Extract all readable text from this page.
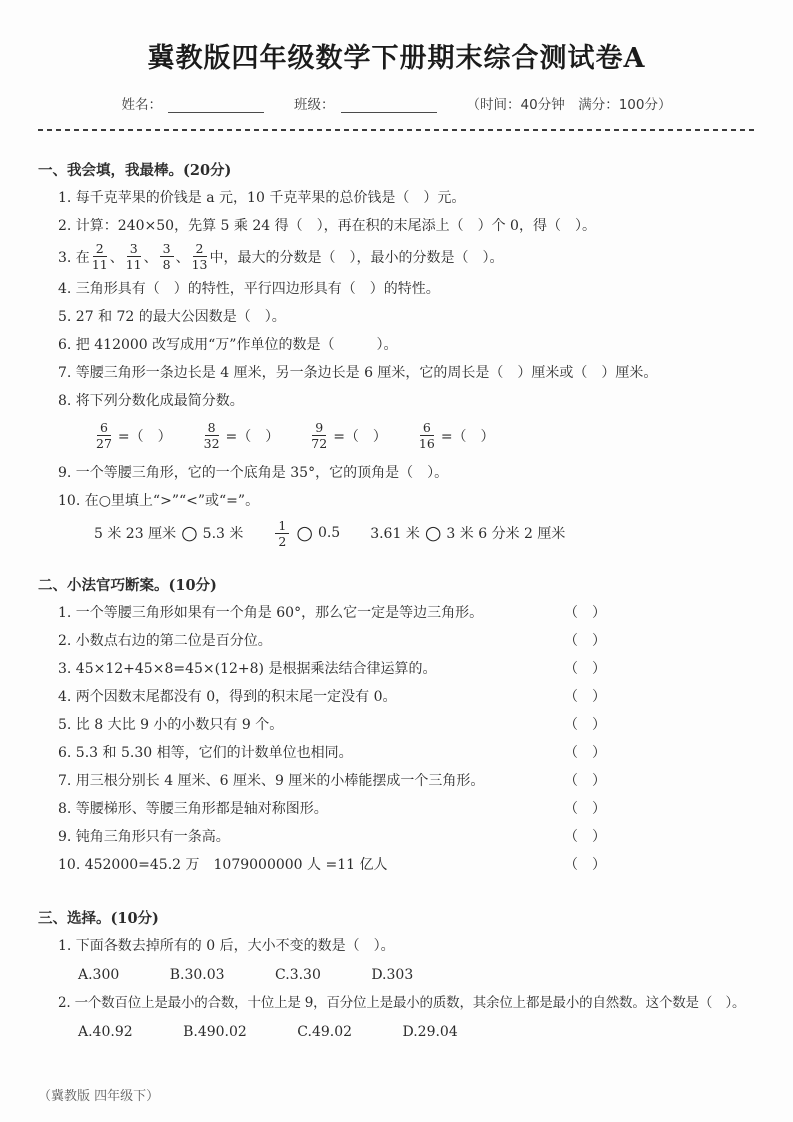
冀教版四年级数学下册期末综合测试卷A
姓名：	班级：	（时间：40分钟　满分：100分）
一、我会填，我最棒。(20分)
1. 每千克苹果的价钱是 a 元，10 千克苹果的总价钱是（　）元。
2. 计算：240×50，先算 5 乘 24 得（　），再在积的末尾添上（　）个 0，得（　）。
3. 在 $\frac{2}{11}$ 、 $\frac{3}{11}$ 、 $\frac{3}{8}$ 、 $\frac{2}{13}$ 中，最大的分数是（　），最小的分数是（　）。
4. 三角形具有（　）的特性，平行四边形具有（　）的特性。
5. 27 和 72 的最大公因数是（　）。
6. 把 412000 改写成用“万”作单位的数是（　　　）。
7. 等腰三角形一条边长是 4 厘米，另一条边长是 6 厘米，它的周长是（　）厘米或（　）厘米。
8. 将下列分数化成最简分数。
$\frac{6}{27}$ =（　）	$\frac{8}{32}$ =（　）	$\frac{9}{72}$ =（　）	$\frac{6}{16}$ =（　）
9. 一个等腰三角形，它的一个底角是 35°，它的顶角是（　）。
10. 在○里填上“>”“<”或“=”。
5 米 23 厘米 ○ 5.3 米	$\frac{1}{2}$ ○ 0.5 3.61 米 ○ 3 米 6 分米 2 厘米
二、小法官巧断案。(10分)
1. 一个等腰三角形如果有一个角是 60°，那么它一定是等边三角形。	（　）
2. 小数点右边的第二位是百分位。	（　）
3. 45×12+45×8=45×(12+8) 是根据乘法结合律运算的。	（　）
4. 两个因数末尾都没有 0，得到的积末尾一定没有 0。	（　）
5. 比 8 大比 9 小的小数只有 9 个。	（　）
6. 5.3 和 5.30 相等，它们的计数单位也相同。	（　）
7. 用三根分别长 4 厘米、6 厘米、9 厘米的小棒能摆成一个三角形。	（　）
8. 等腰梯形、等腰三角形都是轴对称图形。	（　）
9. 钝角三角形只有一条高。	（　）
10. 452000=45.2 万　1079000000 人 =11 亿人	（　）
三、选择。(10分)
1. 下面各数去掉所有的 0 后，大小不变的数是（　）。
A.300	B.30.03	C.3.30	D.303
2. 一个数百位上是最小的合数，十位上是 9，百分位上是最小的质数，其余位上都是最小的自然数。这个数是（　）。
A.40.92	B.490.02	C.49.02	D.29.04
（冀教版 四年级下）
